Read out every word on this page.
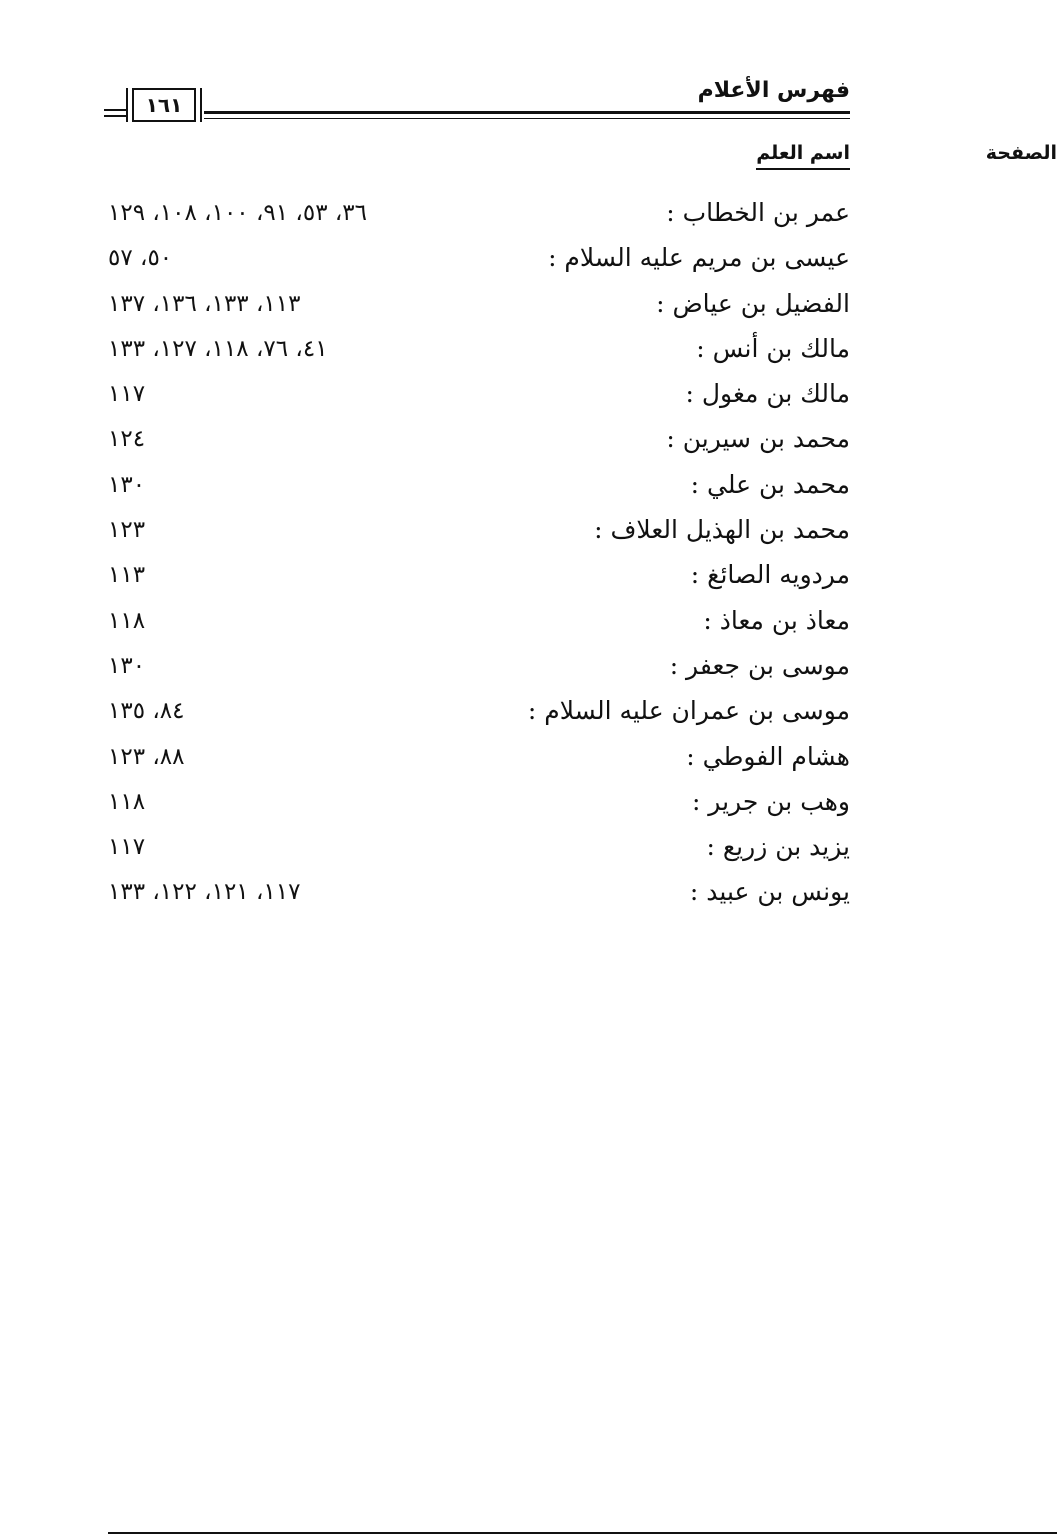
فهرس الأعلام
١٦١
اسم العلم	الصفحة
عمر بن الخطاب :
٣٦، ٥٣، ٩١، ١٠٠، ١٠٨، ١٢٩
عيسى بن مريم عليه السلام :
٥٠، ٥٧
الفضيل بن عياض :
١١٣، ١٣٣، ١٣٦، ١٣٧
مالك بن أنس :
٤١، ٧٦، ١١٨، ١٢٧، ١٣٣
مالك بن مغول :
١١٧
محمد بن سيرين :
١٢٤
محمد بن علي :
١٣٠
محمد بن الهذيل العلاف :
١٢٣
مردويه الصائغ :
١١٣
معاذ بن معاذ :
١١٨
موسى بن جعفر :
١٣٠
موسى بن عمران عليه السلام :
٨٤، ١٣٥
هشام الفوطي :
٨٨، ١٢٣
وهب بن جرير :
١١٨
يزيد بن زريع :
١١٧
يونس بن عبيد :
١١٧، ١٢١، ١٢٢، ١٣٣
